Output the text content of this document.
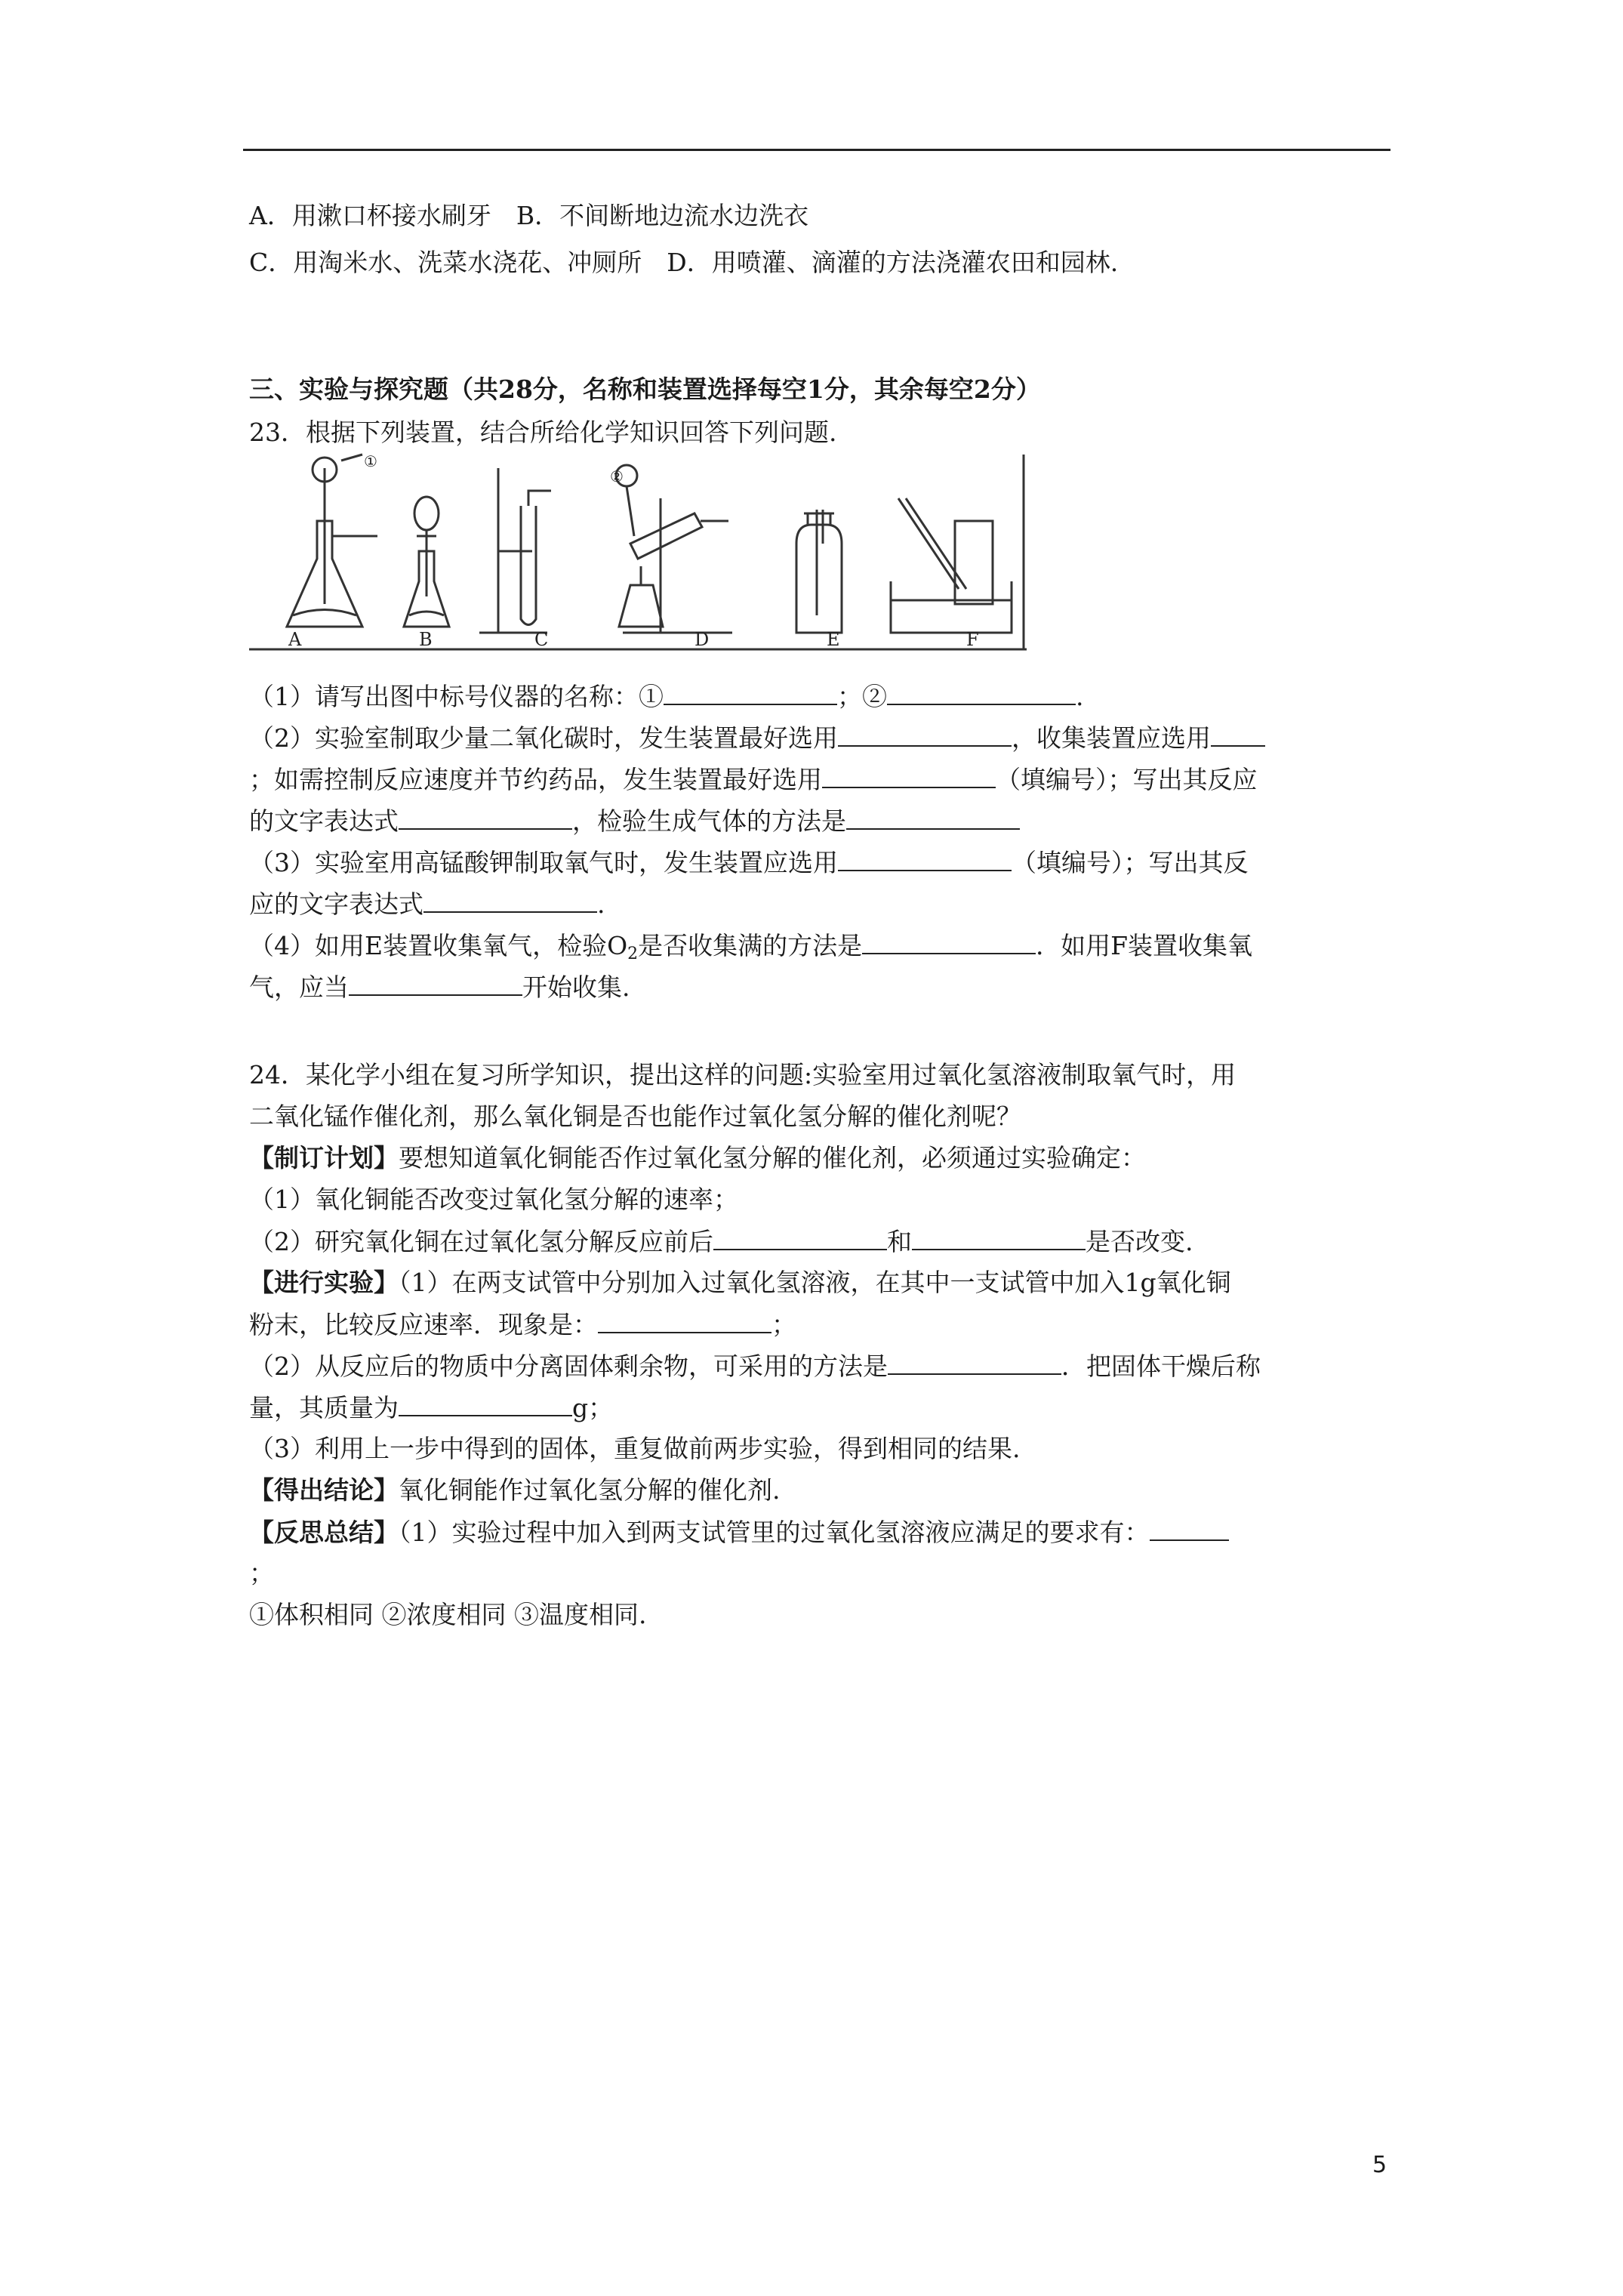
A．用漱口杯接水刷牙　B．不间断地边流水边洗衣
C．用淘米水、洗菜水浇花、冲厕所　D．用喷灌、滴灌的方法浇灌农田和园林.
三、实验与探究题（共28分，名称和装置选择每空1分，其余每空2分）
23．根据下列装置，结合所给化学知识回答下列问题.
①
②
A	B	C	D	E	F
（1）请写出图中标号仪器的名称：①	；②	.
（2）实验室制取少量二氧化碳时，发生装置最好选用	，收集装置应选用
；如需控制反应速度并节约药品，发生装置最好选用	（填编号）；写出其反应
的文字表达式	，检验生成气体的方法是
（3）实验室用高锰酸钾制取氧气时，发生装置应选用	（填编号）；写出其反
应的文字表达式	.
（4）如用E装置收集氧气，检验$O_2$是否收集满的方法是	．如用F装置收集氧
气，应当	开始收集.
24．某化学小组在复习所学知识，提出这样的问题:实验室用过氧化氢溶液制取氧气时，用
二氧化锰作催化剂，那么氧化铜是否也能作过氧化氢分解的催化剂呢？
【制订计划】要想知道氧化铜能否作过氧化氢分解的催化剂，必须通过实验确定：
（1）氧化铜能否改变过氧化氢分解的速率；
（2）研究氧化铜在过氧化氢分解反应前后	和	是否改变.
【进行实验】（1）在两支试管中分别加入过氧化氢溶液，在其中一支试管中加入1g氧化铜
粉末，比较反应速率．现象是：	；
（2）从反应后的物质中分离固体剩余物，可采用的方法是	．把固体干燥后称
量，其质量为	g；
（3）利用上一步中得到的固体，重复做前两步实验，得到相同的结果.
【得出结论】氧化铜能作过氧化氢分解的催化剂.
【反思总结】（1）实验过程中加入到两支试管里的过氧化氢溶液应满足的要求有：
；
①体积相同 ②浓度相同 ③温度相同.
5
